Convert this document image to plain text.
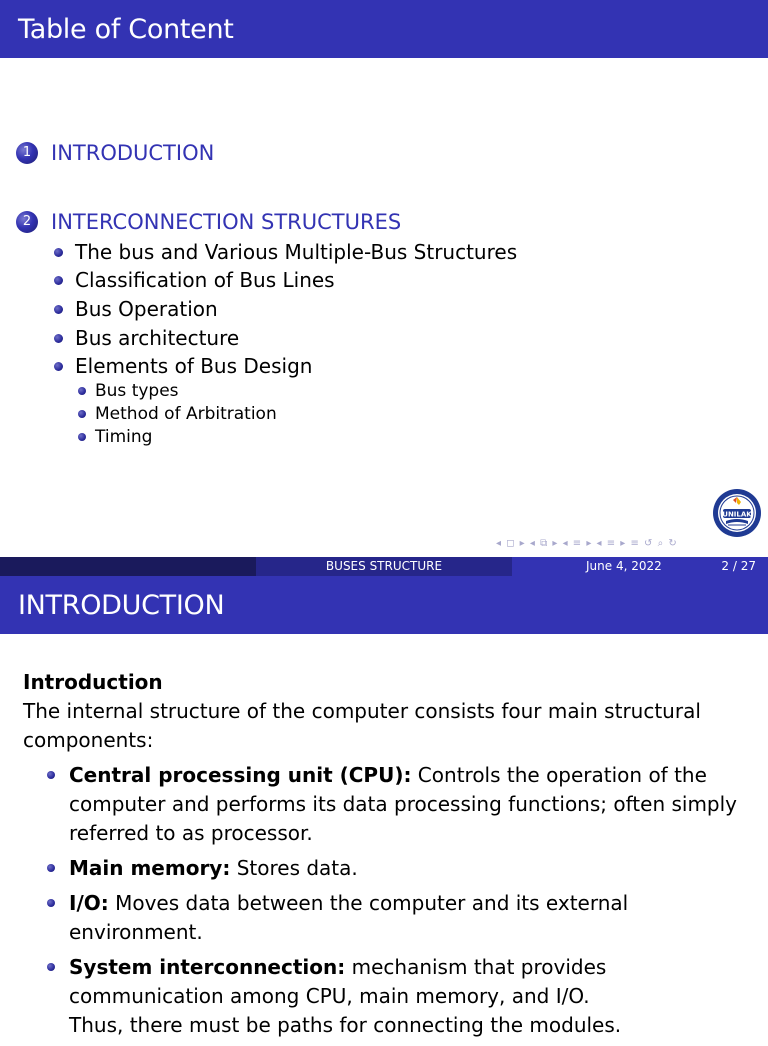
Table of Content
1 INTRODUCTION
2 INTERCONNECTION STRUCTURES
The bus and Various Multiple-Bus Structures
Classification of Bus Lines
Bus Operation
Bus architecture
Elements of Bus Design
Bus types
Method of Arbitration
Timing
UNILAK
◂ ◻ ▸ ◂ ⧉ ▸ ◂ ≡ ▸ ◂ ≡ ▸ ≡ ↺ ⌕ ↻
BUSES STRUCTURE	June 4, 2022	2 / 27
INTRODUCTION
Introduction
The internal structure of the computer consists four main structural components:
Central processing unit (CPU): Controls the operation of the computer and performs its data processing functions; often simply referred to as processor.
Main memory: Stores data.
I/O: Moves data between the computer and its external environment.
System interconnection: mechanism that provides communication among CPU, main memory, and I/O.
Thus, there must be paths for connecting the modules.
